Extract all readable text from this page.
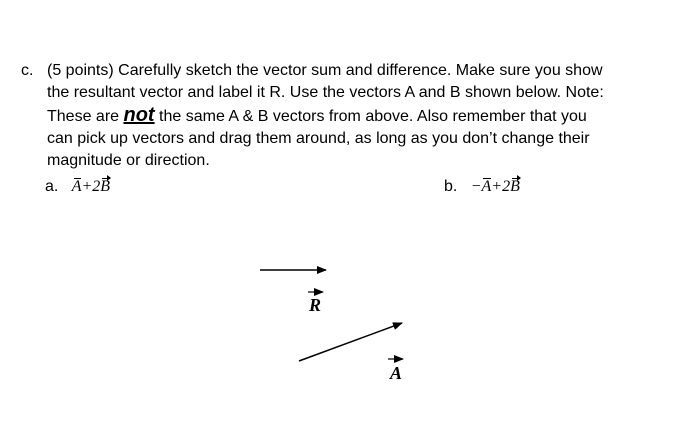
c. (5 points) Carefully sketch the vector sum and difference. Make sure you show
the resultant vector and label it R. Use the vectors A and B shown below. Note:
These are not the same A & B vectors from above. Also remember that you
can pick up vectors and drag them around, as long as you don’t change their
magnitude or direction.
a. A+2B	b. −A+2B
R
A
